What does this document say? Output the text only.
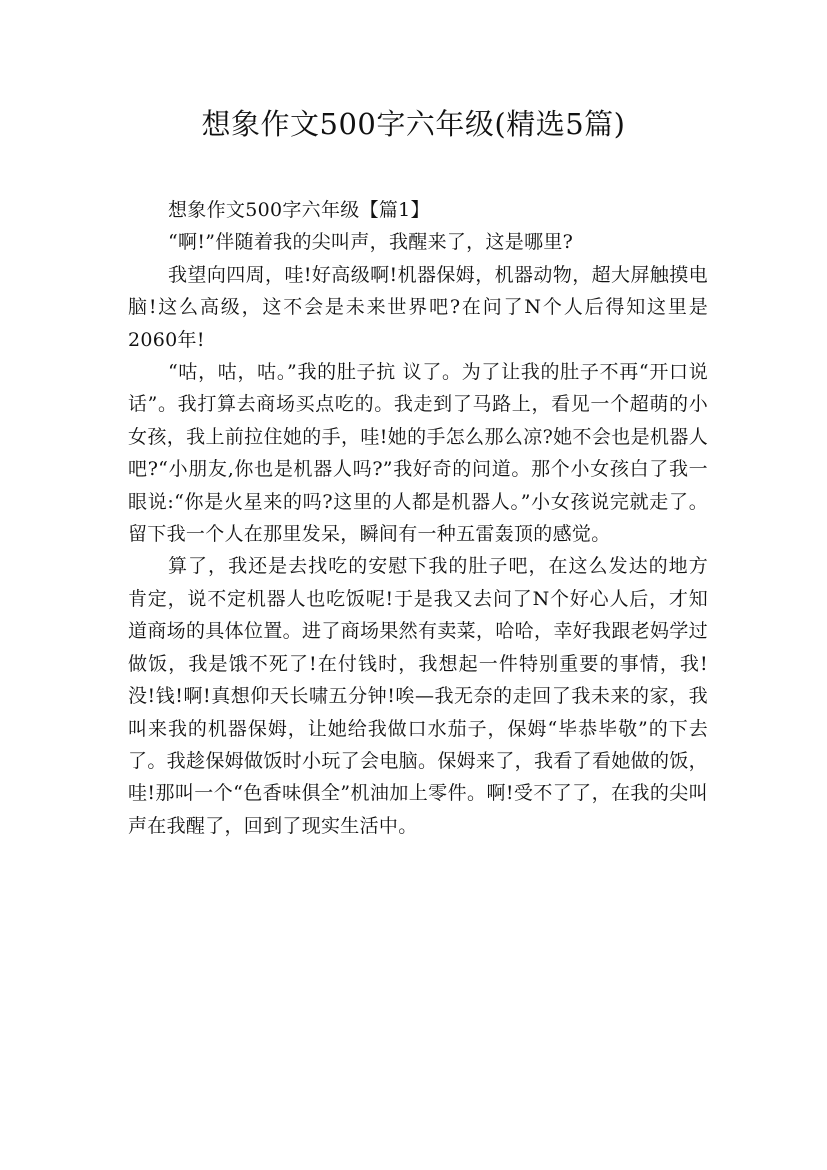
想象作文500字六年级(精选5篇)

想象作文500字六年级【篇1】

“啊!”伴随着我的尖叫声，我醒来了，这是哪里?

我望向四周，哇!好高级啊!机器保姆，机器动物，超大屏触摸电脑!这么高级，这不会是未来世界吧?在问了N个人后得知这里是2060年!

“咕，咕，咕。”我的肚子抗 议了。为了让我的肚子不再“开口说话”。我打算去商场买点吃的。我走到了马路上，看见一个超萌的小女孩，我上前拉住她的手，哇!她的手怎么那么凉?她不会也是机器人吧?“小朋友,你也是机器人吗?”我好奇的问道。那个小女孩白了我一眼说:“你是火星来的吗?这里的人都是机器人。”小女孩说完就走了。留下我一个人在那里发呆，瞬间有一种五雷轰顶的感觉。

算了，我还是去找吃的安慰下我的肚子吧，在这么发达的地方肯定，说不定机器人也吃饭呢!于是我又去问了N个好心人后，才知道商场的具体位置。进了商场果然有卖菜，哈哈，幸好我跟老妈学过做饭，我是饿不死了!在付钱时，我想起一件特别重要的事情，我!没!钱!啊!真想仰天长啸五分钟!唉—我无奈的走回了我未来的家，我叫来我的机器保姆，让她给我做口水茄子，保姆“毕恭毕敬”的下去了。我趁保姆做饭时小玩了会电脑。保姆来了，我看了看她做的饭，哇!那叫一个“色香味俱全”机油加上零件。啊!受不了了，在我的尖叫声在我醒了，回到了现实生活中。
